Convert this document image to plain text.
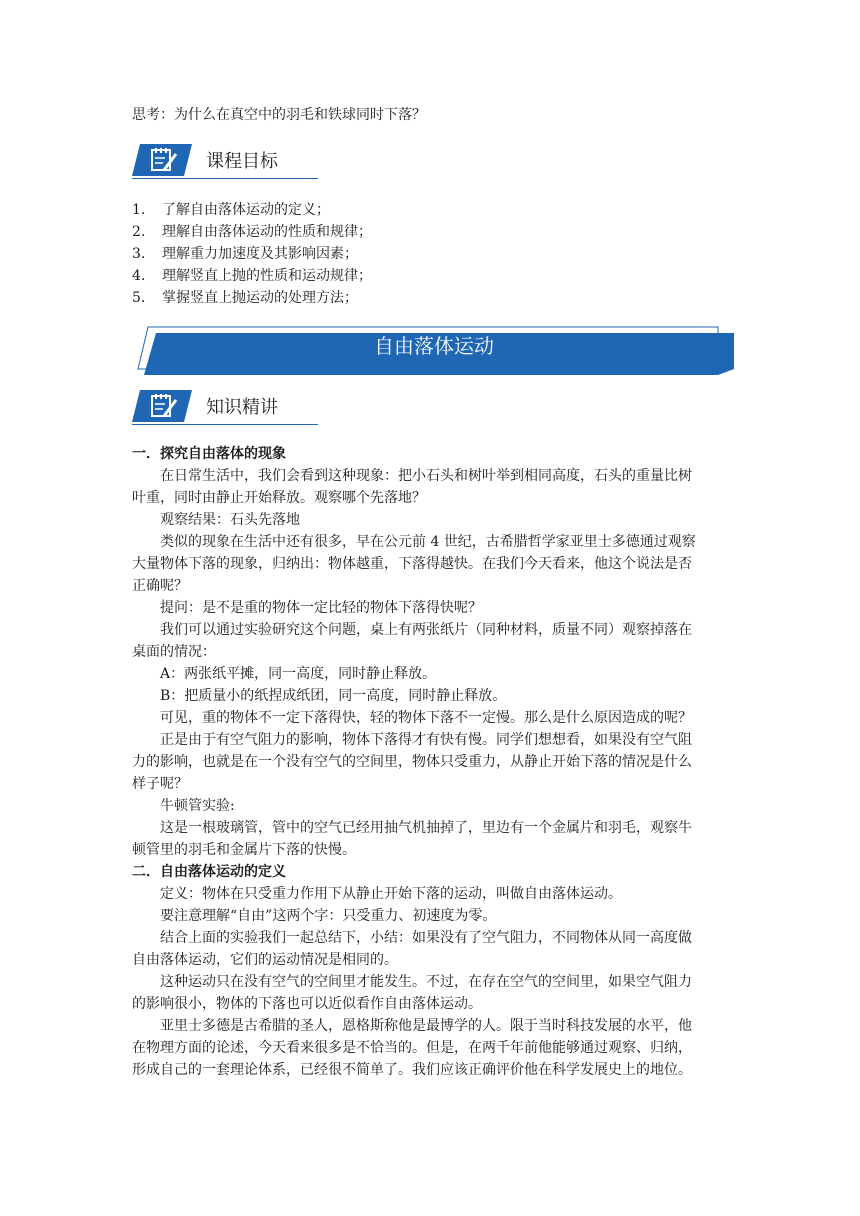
思考：为什么在真空中的羽毛和铁球同时下落？
课程目标
1. 了解自由落体运动的定义；
2. 理解自由落体运动的性质和规律；
3. 理解重力加速度及其影响因素；
4. 理解竖直上抛的性质和运动规律；
5. 掌握竖直上抛运动的处理方法；
自由落体运动
知识精讲
一．探究自由落体的现象
在日常生活中，我们会看到这种现象：把小石头和树叶举到相同高度，石头的重量比树
叶重，同时由静止开始释放。观察哪个先落地？
观察结果：石头先落地
类似的现象在生活中还有很多，早在公元前 4 世纪，古希腊哲学家亚里士多德通过观察
大量物体下落的现象，归纳出：物体越重，下落得越快。在我们今天看来，他这个说法是否
正确呢？
提问：是不是重的物体一定比轻的物体下落得快呢？
我们可以通过实验研究这个问题，桌上有两张纸片（同种材料，质量不同）观察掉落在
桌面的情况：
A：两张纸平摊，同一高度，同时静止释放。
B：把质量小的纸捏成纸团，同一高度，同时静止释放。
可见，重的物体不一定下落得快，轻的物体下落不一定慢。那么是什么原因造成的呢？
正是由于有空气阻力的影响，物体下落得才有快有慢。同学们想想看，如果没有空气阻
力的影响，也就是在一个没有空气的空间里，物体只受重力，从静止开始下落的情况是什么
样子呢？
牛顿管实验:
这是一根玻璃管，管中的空气已经用抽气机抽掉了，里边有一个金属片和羽毛，观察牛
顿管里的羽毛和金属片下落的快慢。
二．自由落体运动的定义
定义：物体在只受重力作用下从静止开始下落的运动，叫做自由落体运动。
要注意理解“自由”这两个字：只受重力、初速度为零。
结合上面的实验我们一起总结下，小结：如果没有了空气阻力，不同物体从同一高度做
自由落体运动，它们的运动情况是相同的。
这种运动只在没有空气的空间里才能发生。不过，在存在空气的空间里，如果空气阻力
的影响很小，物体的下落也可以近似看作自由落体运动。
亚里士多德是古希腊的圣人，恩格斯称他是最博学的人。限于当时科技发展的水平，他
在物理方面的论述，今天看来很多是不恰当的。但是，在两千年前他能够通过观察、归纳，
形成自己的一套理论体系，已经很不简单了。我们应该正确评价他在科学发展史上的地位。
